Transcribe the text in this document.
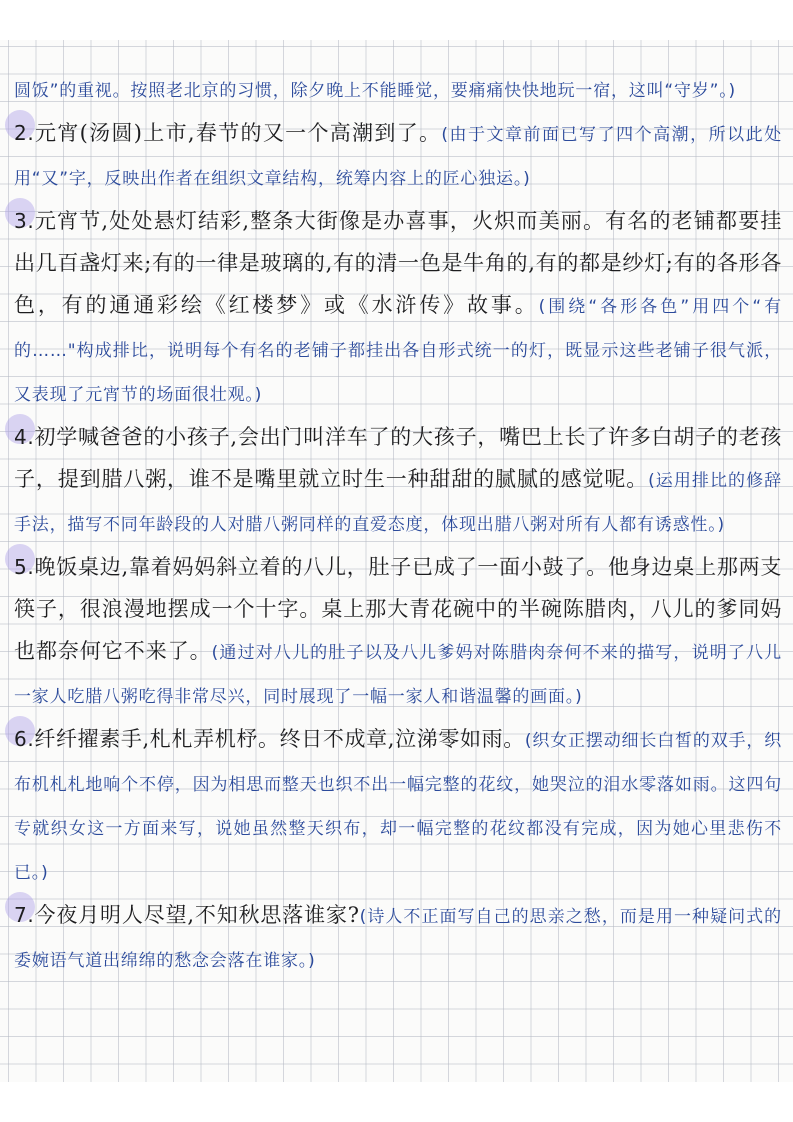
圆饭”的重视。按照老北京的习惯，除夕晚上不能睡觉，要痛痛快快地玩一宿，这叫“守岁”。)

2.元宵(汤圆)上市,春节的又一个高潮到了。(由于文章前面已写了四个高潮，所以此处用“又”字，反映出作者在组织文章结构，统筹内容上的匠心独运。)

3.元宵节,处处悬灯结彩,整条大街像是办喜事，火炽而美丽。有名的老铺都要挂出几百盏灯来;有的一律是玻璃的,有的清一色是牛角的,有的都是纱灯;有的各形各色，有的通通彩绘《红楼梦》或《水浒传》故事。(围绕“各形各色”用四个“有的……"构成排比，说明每个有名的老铺子都挂出各自形式统一的灯，既显示这些老铺子很气派，又表现了元宵节的场面很壮观。)

4.初学喊爸爸的小孩子,会出门叫洋车了的大孩子，嘴巴上长了许多白胡子的老孩子，提到腊八粥，谁不是嘴里就立时生一种甜甜的腻腻的感觉呢。(运用排比的修辞手法，描写不同年龄段的人对腊八粥同样的直爱态度，体现出腊八粥对所有人都有诱惑性。)

5.晚饭桌边,靠着妈妈斜立着的八儿，肚子已成了一面小鼓了。他身边桌上那两支筷子，很浪漫地摆成一个十字。桌上那大青花碗中的半碗陈腊肉，八儿的爹同妈也都奈何它不来了。(通过对八儿的肚子以及八儿爹妈对陈腊肉奈何不来的描写，说明了八儿一家人吃腊八粥吃得非常尽兴，同时展现了一幅一家人和谐温馨的画面。)

6.纤纤擢素手,札札弄机杼。终日不成章,泣涕零如雨。(织女正摆动细长白皙的双手，织布机札札地响个不停，因为相思而整天也织不出一幅完整的花纹，她哭泣的泪水零落如雨。这四句专就织女这一方面来写，说她虽然整天织布，却一幅完整的花纹都没有完成，因为她心里悲伤不已。)

7.今夜月明人尽望,不知秋思落谁家?(诗人不正面写自己的思亲之愁，而是用一种疑问式的委婉语气道出绵绵的愁念会落在谁家。)
